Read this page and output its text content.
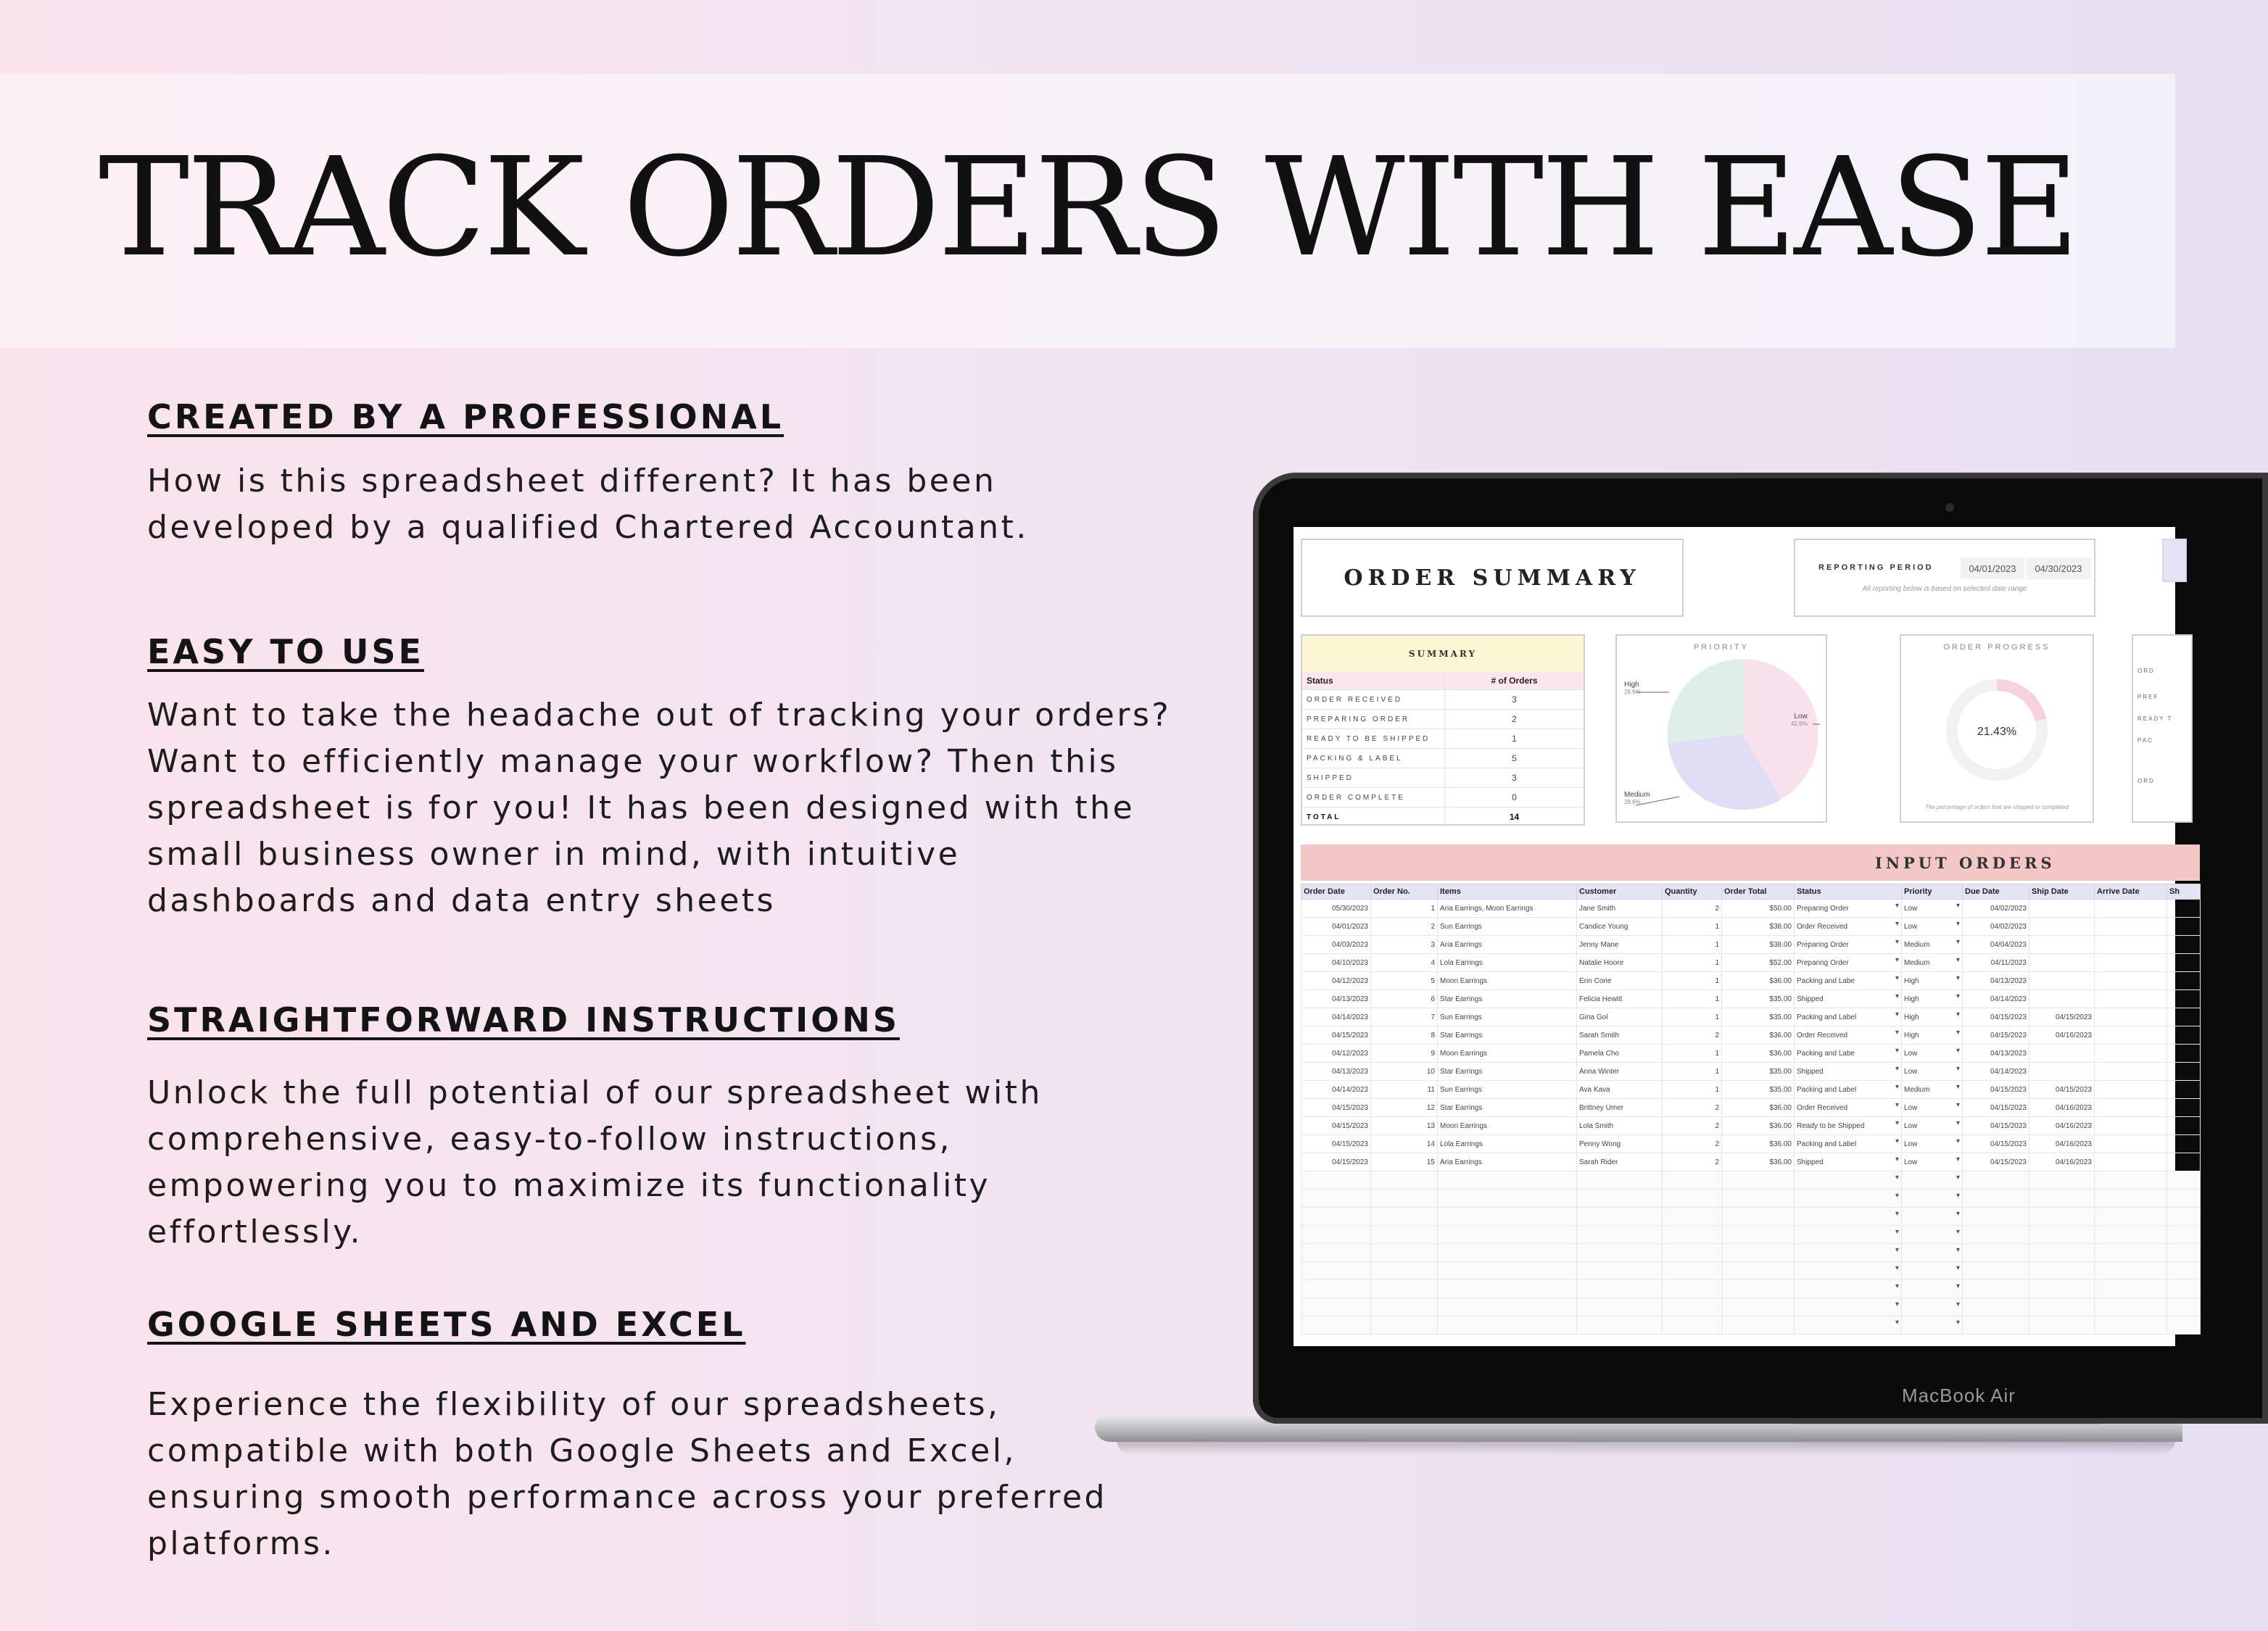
TRACK ORDERS WITH EASE
CREATED BY A PROFESSIONAL

How is this spreadsheet different? It has been developed by a qualified Chartered Accountant.

EASY TO USE

Want to take the headache out of tracking your orders? Want to efficiently manage your workflow? Then this spreadsheet is for you! It has been designed with the small business owner in mind, with intuitive dashboards and data entry sheets

STRAIGHTFORWARD INSTRUCTIONS

Unlock the full potential of our spreadsheet with comprehensive, easy-to-follow instructions, empowering you to maximize its functionality effortlessly.

GOOGLE SHEETS AND EXCEL

Experience the flexibility of our spreadsheets, compatible with both Google Sheets and Excel, ensuring smooth performance across your preferred platforms.

MacBook Air
ORDER SUMMARY	REPORTING PERIOD	04/01/2023	04/30/2023
All reporting below is based on selected date range
SUMMARY
Status	# of Orders
ORDER RECEIVED	3
PREPARING ORDER	2
READY TO BE SHIPPED	1
PACKING & LABEL	5
SHIPPED	3
ORDER COMPLETE	0
TOTAL	14
PRIORITY
High
28.6%
Low
42.9%
Medium
28.6%
ORDER PROGRESS
21.43%
The percentage of orders that are shipped or completed
ORD
PREF
READY T
PAC
ORD
INPUT ORDERS
Order Date	Order No.	Items	Customer	Quantity	Order Total	Status	Priority	Due Date	Ship Date	Arrive Date	Sh
05/30/2023	1	Aria Earrings, Moon Earrings	Jane Smith	2	$50.00	Preparing Order ▾	Low ▾	04/02/2023			
04/01/2023	2	Sun Earrings	Candice Young	1	$38.00	Order Received ▾	Low ▾	04/02/2023			
04/03/2023	3	Aria Earrings	Jenny Mane	1	$38.00	Preparing Order ▾	Medium ▾	04/04/2023			
04/10/2023	4	Lola Earrings	Natalie Hoore	1	$52.00	Preparing Order ▾	Medium ▾	04/11/2023			
04/12/2023	5	Moon Earrings	Erin Corie	1	$36.00	Packing and Labe ▾	High ▾	04/13/2023			
04/13/2023	6	Star Earrings	Felicia Hewitt	1	$35.00	Shipped ▾	High ▾	04/14/2023			
04/14/2023	7	Sun Earrings	Gina Gol	1	$35.00	Packing and Label ▾	High ▾	04/15/2023	04/15/2023		
04/15/2023	8	Star Earrings	Sarah Smith	2	$36.00	Order Received ▾	High ▾	04/15/2023	04/16/2023		
04/12/2023	9	Moon Earrings	Pamela Cho	1	$36.00	Packing and Labe ▾	Low ▾	04/13/2023			
04/13/2023	10	Star Earrings	Anna Winter	1	$35.00	Shipped ▾	Low ▾	04/14/2023			
04/14/2023	11	Sun Earrings	Ava Kava	1	$35.00	Packing and Label ▾	Medium ▾	04/15/2023	04/15/2023		
04/15/2023	12	Star Earrings	Brittney Umer	2	$36.00	Order Received ▾	Low ▾	04/15/2023	04/16/2023		
04/15/2023	13	Moon Earrings	Lola Smith	2	$36.00	Ready to be Shipped ▾	Low ▾	04/15/2023	04/16/2023		
04/15/2023	14	Lola Earrings	Penny Wong	2	$36.00	Packing and Label ▾	Low ▾	04/15/2023	04/16/2023		
04/15/2023	15	Aria Earrings	Sarah Rider	2	$36.00	Shipped ▾	Low ▾	04/15/2023	04/16/2023		
						▾	▾				
						▾	▾				
						▾	▾				
						▾	▾				
						▾	▾				
						▾	▾				
						▾	▾				
						▾	▾				
						▾	▾				
